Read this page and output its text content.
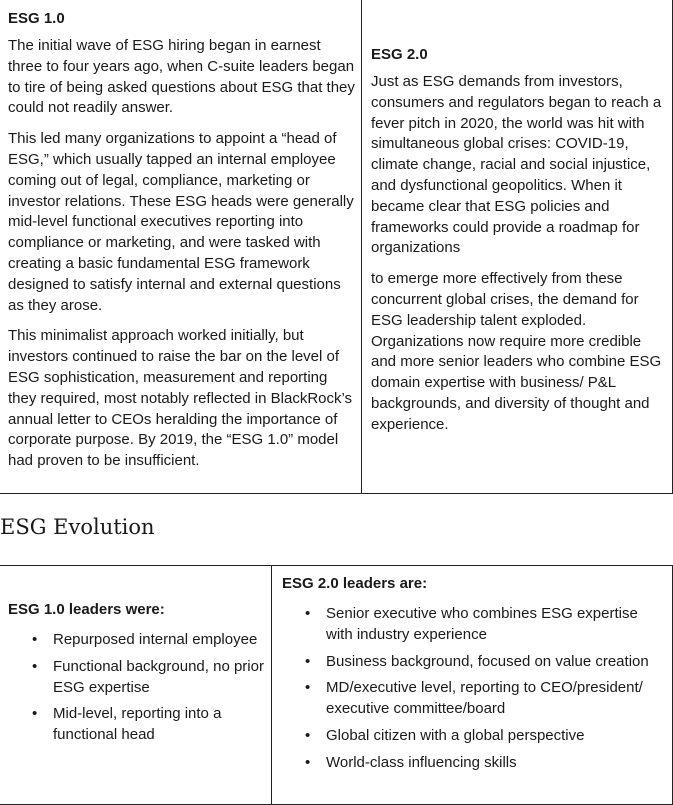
ESG 1.0

The initial wave of ESG hiring began in earnest three to four years ago, when C-suite leaders began to tire of being asked questions about ESG that they could not readily answer.

This led many organizations to appoint a “head of ESG,” which usually tapped an internal employee coming out of legal, compliance, marketing or investor relations. These ESG heads were generally mid-level functional executives reporting into compliance or marketing, and were tasked with creating a basic fundamental ESG framework designed to satisfy internal and external questions as they arose.

This minimalist approach worked initially, but investors continued to raise the bar on the level of ESG sophistication, measurement and reporting they required, most notably reflected in BlackRock’s annual letter to CEOs heralding the importance of corporate purpose. By 2019, the “ESG 1.0” model had proven to be insufficient.

ESG 2.0

Just as ESG demands from investors, consumers and regulators began to reach a fever pitch in 2020, the world was hit with simultaneous global crises: COVID-19, climate change, racial and social injustice, and dysfunctional geopolitics. When it became clear that ESG policies and frameworks could provide a roadmap for organizations

to emerge more effectively from these concurrent global crises, the demand for ESG leadership talent exploded. Organizations now require more credible and more senior leaders who combine ESG domain expertise with business/ P&L backgrounds, and diversity of thought and experience.

ESG Evolution
ESG 1.0 leaders were:
• Repurposed internal employee
• Functional background, no prior ESG expertise
• Mid-level, reporting into a functional head
ESG 2.0 leaders are:
• Senior executive who combines ESG expertise with industry experience
• Business background, focused on value creation
• MD/executive level, reporting to CEO/president/ executive committee/board
• Global citizen with a global perspective
• World-class influencing skills
